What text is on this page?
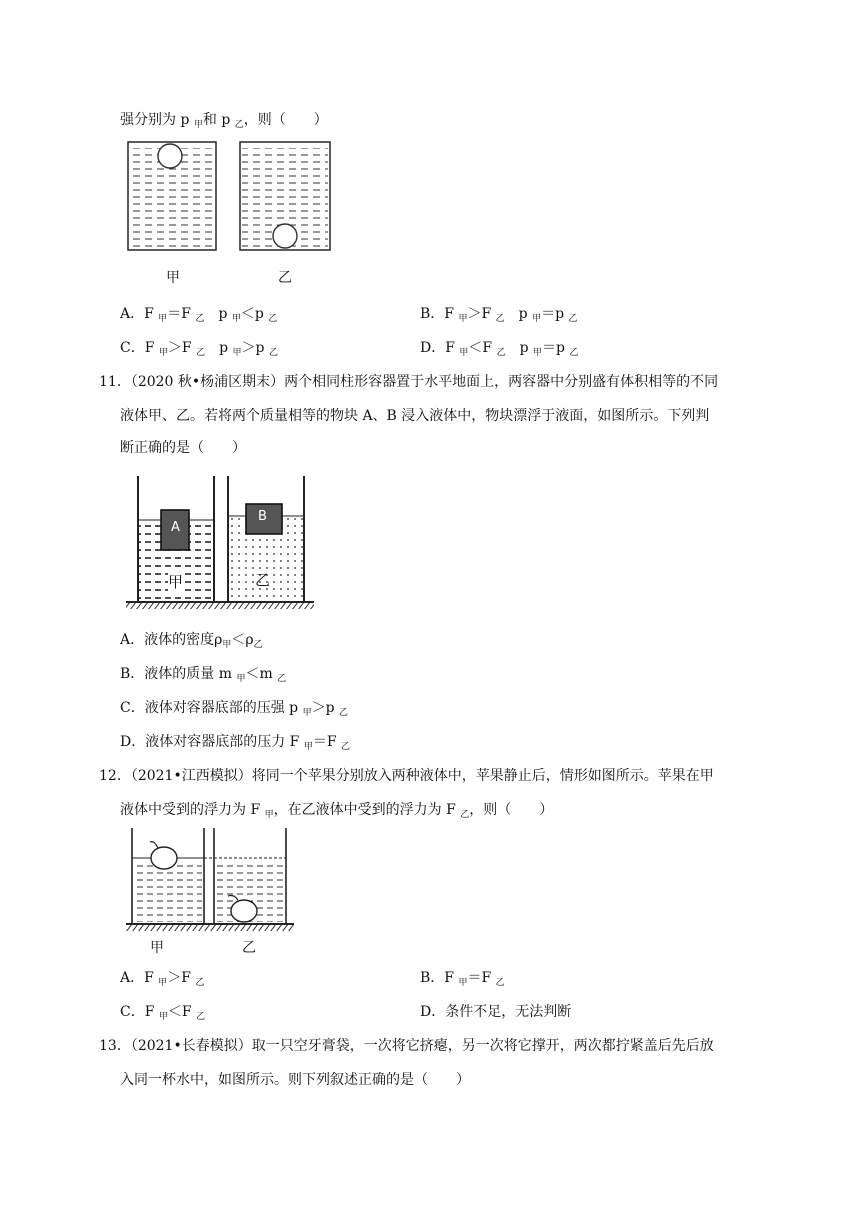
强分别为 p $_甲$和 p $_乙$，则（　　）
甲	乙
A．F $_甲$＝F $_乙$　p $_甲$＜p $_乙$	B．F $_甲$＞F $_乙$　p $_甲$＝p $_乙$
C．F $_甲$＞F $_乙$　p $_甲$＞p $_乙$	D．F $_甲$＜F $_乙$　p $_甲$＝p $_乙$
11．（2020 秋•杨浦区期末）两个相同柱形容器置于水平地面上，两容器中分别盛有体积相等的不同
液体甲、乙。若将两个质量相等的物块 A、B 浸入液体中，物块漂浮于液面，如图所示。下列判
断正确的是（　　）
A
B
甲	乙
A．液体的密度$\rho_甲<\rho_乙$
B．液体的质量 m $_甲$＜m $_乙$
C．液体对容器底部的压强 p $_甲$＞p $_乙$
D．液体对容器底部的压力 F $_甲$＝F $_乙$
12．（2021•江西模拟）将同一个苹果分别放入两种液体中，苹果静止后，情形如图所示。苹果在甲
液体中受到的浮力为 F $_甲$，在乙液体中受到的浮力为 F $_乙$，则（　　）
甲	乙
A．F $_甲$＞F $_乙$	B．F $_甲$＝F $_乙$
C．F $_甲$＜F $_乙$	D．条件不足，无法判断
13．（2021•长春模拟）取一只空牙膏袋，一次将它挤瘪，另一次将它撑开，两次都拧紧盖后先后放
入同一杯水中，如图所示。则下列叙述正确的是（　　）
